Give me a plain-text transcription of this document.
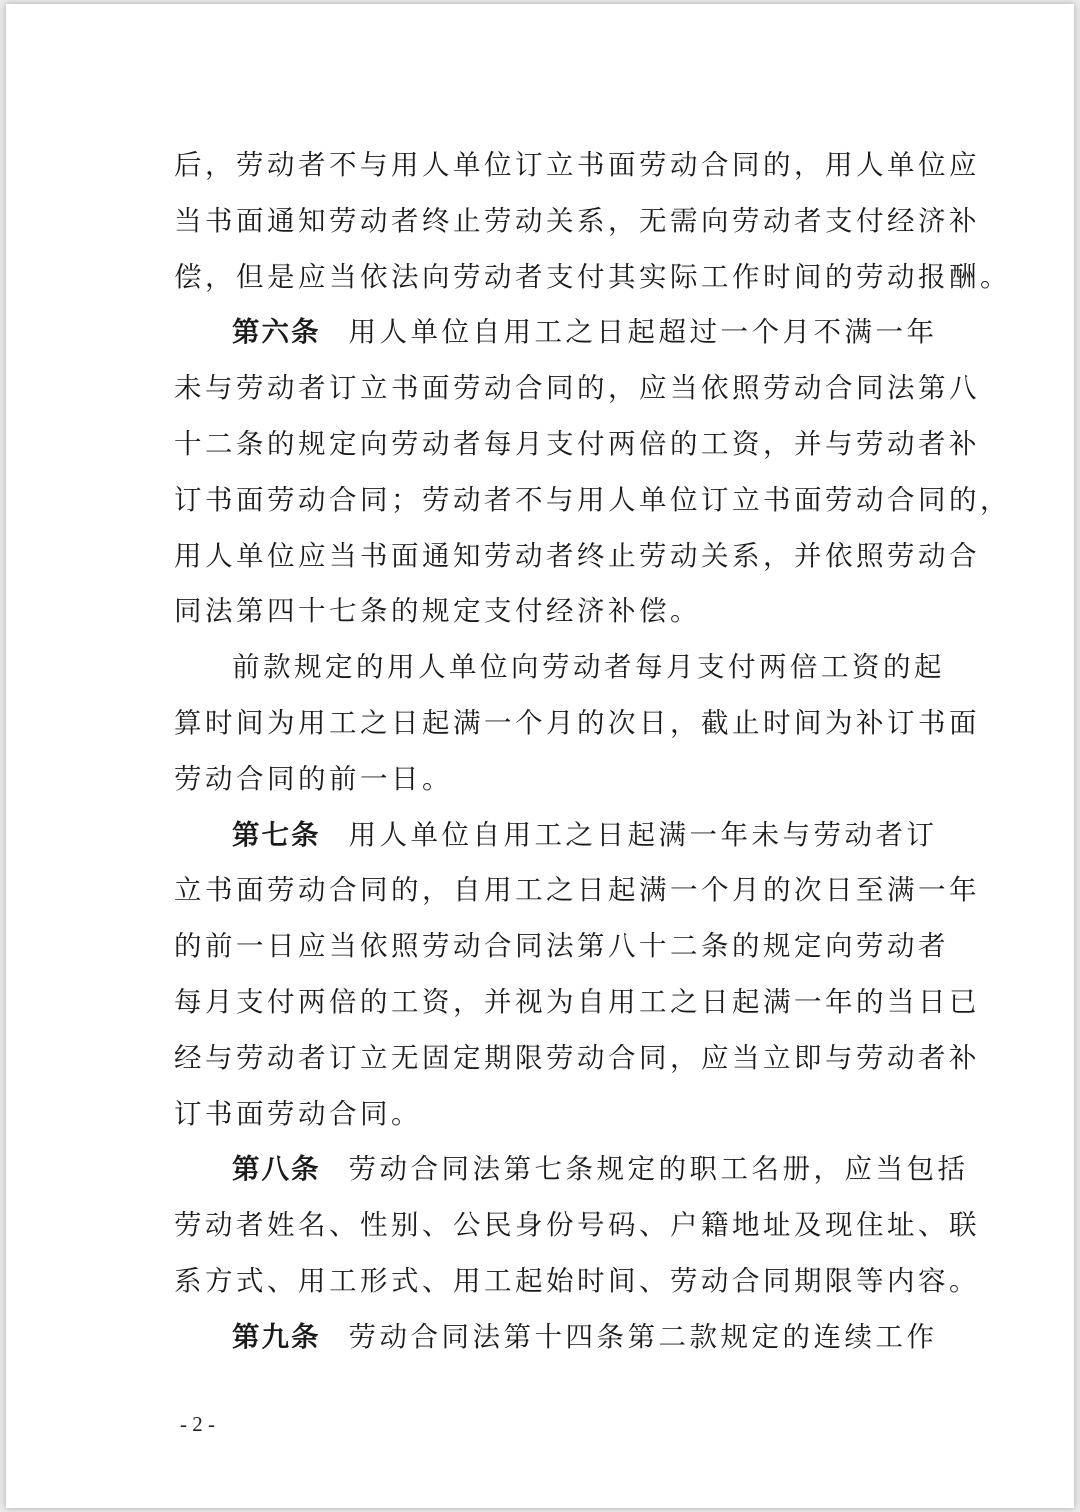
后，劳动者不与用人单位订立书面劳动合同的，用人单位应
当书面通知劳动者终止劳动关系，无需向劳动者支付经济补
偿，但是应当依法向劳动者支付其实际工作时间的劳动报酬。
第六条 用人单位自用工之日起超过一个月不满一年
未与劳动者订立书面劳动合同的，应当依照劳动合同法第八
十二条的规定向劳动者每月支付两倍的工资，并与劳动者补
订书面劳动合同；劳动者不与用人单位订立书面劳动合同的，
用人单位应当书面通知劳动者终止劳动关系，并依照劳动合
同法第四十七条的规定支付经济补偿。
前款规定的用人单位向劳动者每月支付两倍工资的起
算时间为用工之日起满一个月的次日，截止时间为补订书面
劳动合同的前一日。
第七条 用人单位自用工之日起满一年未与劳动者订
立书面劳动合同的，自用工之日起满一个月的次日至满一年
的前一日应当依照劳动合同法第八十二条的规定向劳动者
每月支付两倍的工资，并视为自用工之日起满一年的当日已
经与劳动者订立无固定期限劳动合同，应当立即与劳动者补
订书面劳动合同。
第八条 劳动合同法第七条规定的职工名册，应当包括
劳动者姓名、性别、公民身份号码、户籍地址及现住址、联
系方式、用工形式、用工起始时间、劳动合同期限等内容。
第九条 劳动合同法第十四条第二款规定的连续工作
- 2 -
